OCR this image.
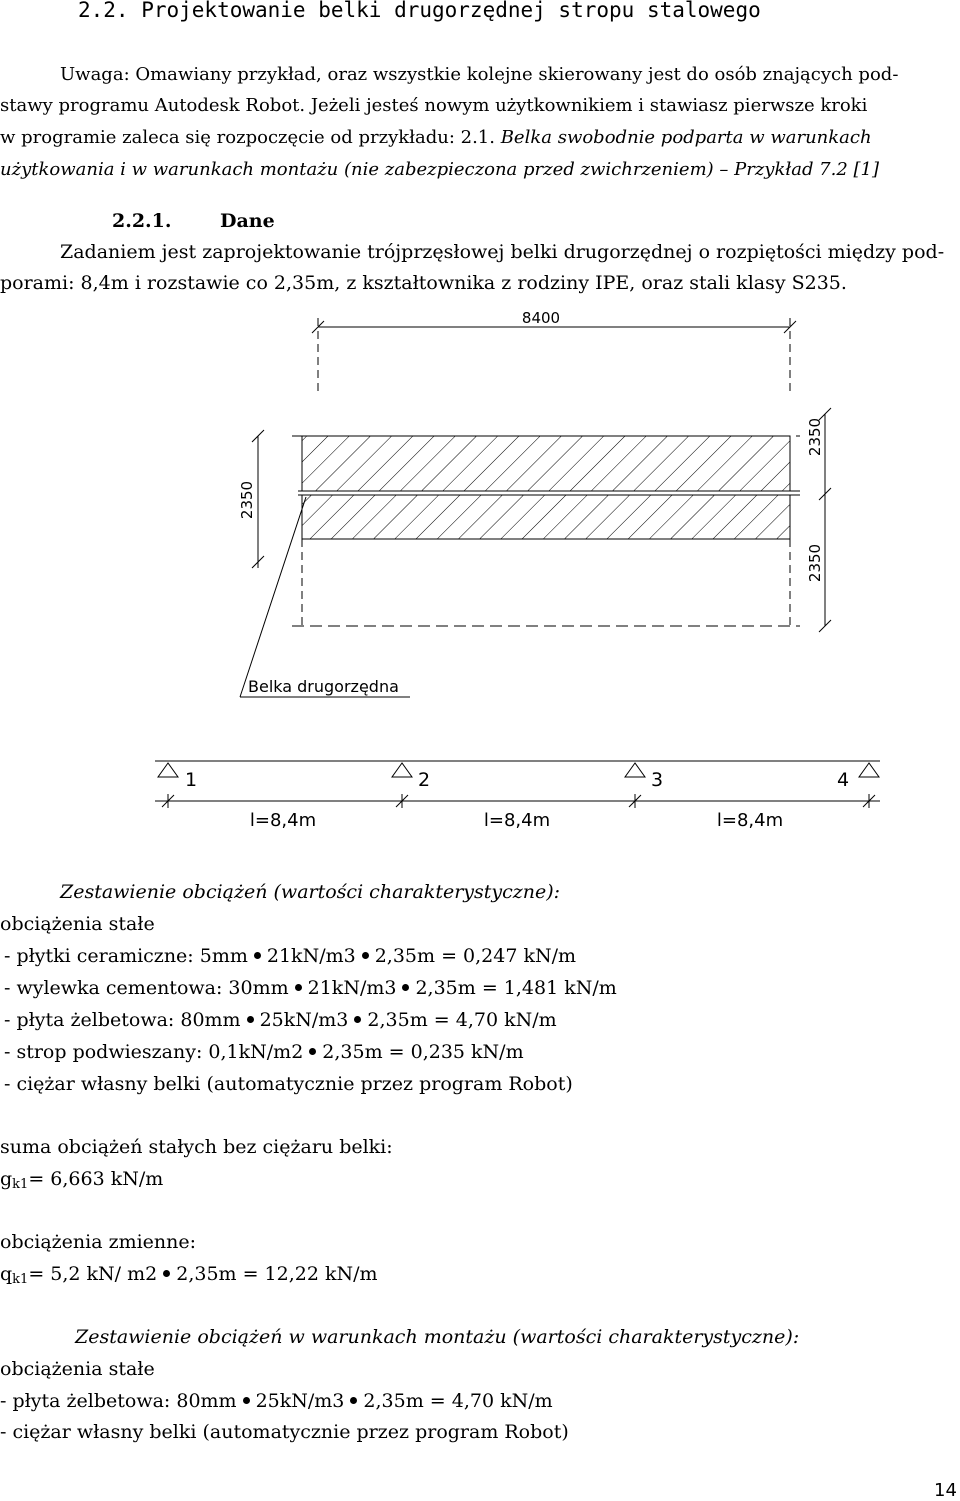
2.2. Projektowanie belki drugorzędnej stropu stalowego
Uwaga: Omawiany przykład, oraz wszystkie kolejne skierowany jest do osób znających pod-
stawy programu Autodesk Robot. Jeżeli jesteś nowym użytkownikiem i stawiasz pierwsze kroki
w programie zaleca się rozpoczęcie od przykładu: 2.1. Belka swobodnie podparta w warunkach
użytkowania i w warunkach montażu (nie zabezpieczona przed zwichrzeniem) – Przykład 7.2 [1]
2.2.1.	Dane
Zadaniem jest zaprojektowanie trójprzęsłowej belki drugorzędnej o rozpiętości między pod-
porami: 8,4m i rozstawie co 2,35m, z kształtownika z rodziny IPE, oraz stali klasy S235.
8400
2350
2350
2350
Belka drugorzędna
1	2	3	4
l=8,4m	l=8,4m	l=8,4m
Zestawienie obciążeń (wartości charakterystyczne):
obciążenia stałe
- płytki ceramiczne: 5mm 21kN/m3 2,35m = 0,247 kN/m
- wylewka cementowa: 30mm 21kN/m3 2,35m = 1,481 kN/m
- płyta żelbetowa: 80mm 25kN/m3 2,35m = 4,70 kN/m
- strop podwieszany: 0,1kN/m2 2,35m = 0,235 kN/m
- ciężar własny belki (automatycznie przez program Robot)
suma obciążeń stałych bez ciężaru belki:
$g_{k1}= 6,663$ kN/m
obciążenia zmienne:
$q_{k1}= 5,2$ kN/ m2 2,35m = 12,22 kN/m
Zestawienie obciążeń w warunkach montażu (wartości charakterystyczne):
obciążenia stałe
- płyta żelbetowa: 80mm 25kN/m3 2,35m = 4,70 kN/m
- ciężar własny belki (automatycznie przez program Robot)
14
